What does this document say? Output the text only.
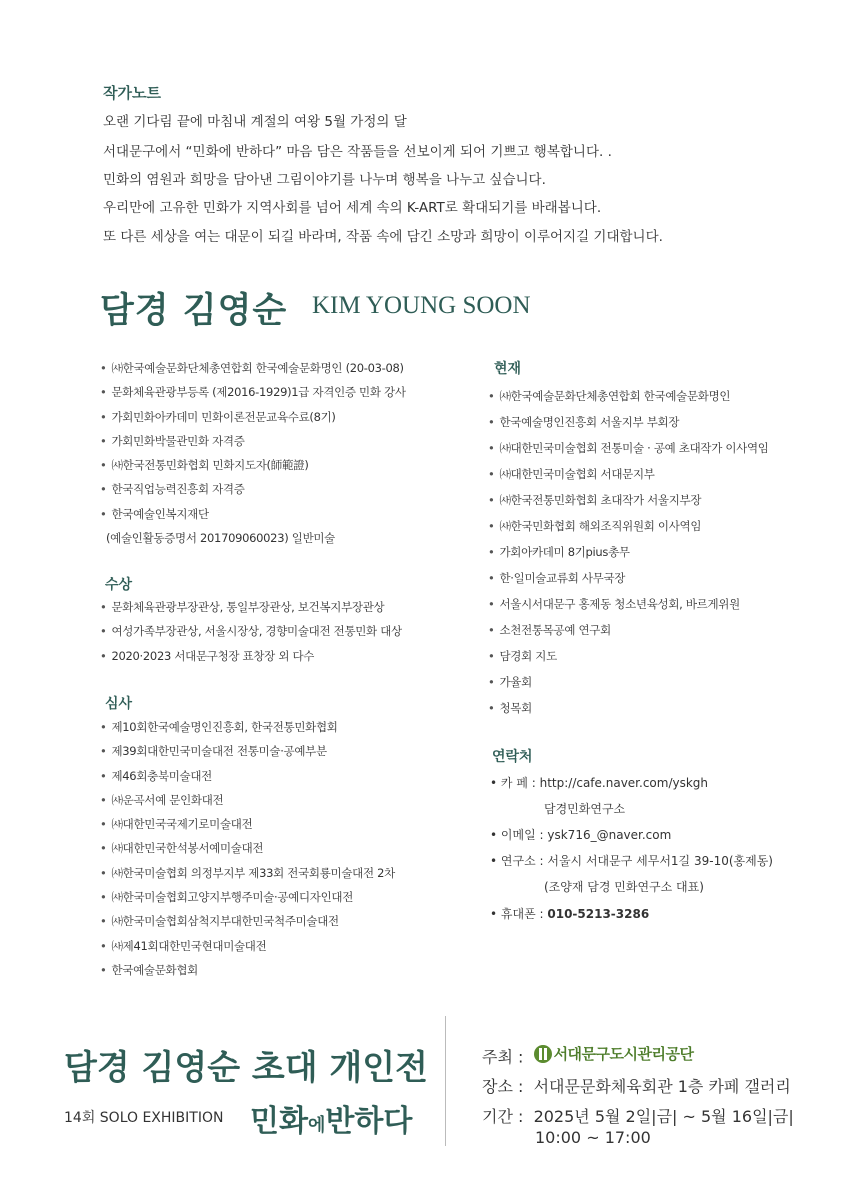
작가노트
오랜 기다림 끝에 마침내 계절의 여왕 5월 가정의 달
서대문구에서 “민화에 반하다” 마음 담은 작품들을 선보이게 되어 기쁘고 행복합니다. .
민화의 염원과 희망을 담아낸 그림이야기를 나누며 행복을 나누고 싶습니다.
우리만에 고유한 민화가 지역사회를 넘어 세계 속의 K-ART로 확대되기를 바래봅니다.
또 다른 세상을 여는 대문이 되길 바라며, 작품 속에 담긴 소망과 희망이 이루어지길 기대합니다.
담경 김영순 KIM YOUNG SOON
• ㈔한국예술문화단체총연합회 한국예술문화명인 (20-03-08)
• 문화체육관광부등록 (제2016-1929)1급 자격인증 민화 강사
• 가회민화아카데미 민화이론전문교육수료(8기)
• 가회민화박물관민화 자격증
• ㈔한국전통민화협회 민화지도자(師範證)
• 한국직업능력진흥회 자격증
• 한국예술인복지재단
(예술인활동증명서 201709060023) 일반미술
수상
• 문화체육관광부장관상, 통일부장관상, 보건복지부장관상
• 여성가족부장관상, 서울시장상, 경향미술대전 전통민화 대상
• 2020·2023 서대문구청장 표창장 외 다수
심사
• 제10회한국예술명인진흥회, 한국전통민화협회
• 제39회대한민국미술대전 전통미술·공예부분
• 제46회충북미술대전
• ㈔운곡서예 문인화대전
• ㈔대한민국국제기로미술대전
• ㈔대한민국한석봉서예미술대전
• ㈔한국미술협회 의정부지부 제33회 전국회룡미술대전 2차
• ㈔한국미술협회고양지부행주미술·공예디자인대전
• ㈔한국미술협회삼척지부대한민국척주미술대전
• ㈔제41회대한민국현대미술대전
• 한국예술문화협회
현재
• ㈔한국예술문화단체총연합회 한국예술문화명인
• 한국예술명인진흥회 서울지부 부회장
• ㈔대한민국미술협회 전통미술 · 공예 초대작가 이사역임
• ㈔대한민국미술협회 서대문지부
• ㈔한국전통민화협회 초대작가 서울지부장
• ㈔한국민화협회 해외조직위원회 이사역임
• 가회아카데미 8기pius총무
• 한·일미술교류회 사무국장
• 서울시서대문구 홍제동 청소년육성회, 바르게위원
• 소천전통목공예 연구회
• 담경회 지도
• 가율회
• 청목회
연락처
• 카 페 : http://cafe.naver.com/yskgh
담경민화연구소
• 이메일 : ysk716_@naver.com
• 연구소 : 서울시 서대문구 세무서1길 39-10(홍제동)
(조양재 담경 민화연구소 대표)
• 휴대폰 : 010-5213-3286
담경 김영순 초대 개인전
14회 SOLO EXHIBITION 민화에반하다
주최 : 서대문구도시관리공단
장소 : 서대문문화체육회관 1층 카페 갤러리
기간 : 2025년 5월 2일|금| ~ 5월 16일|금|
10:00 ~ 17:00
